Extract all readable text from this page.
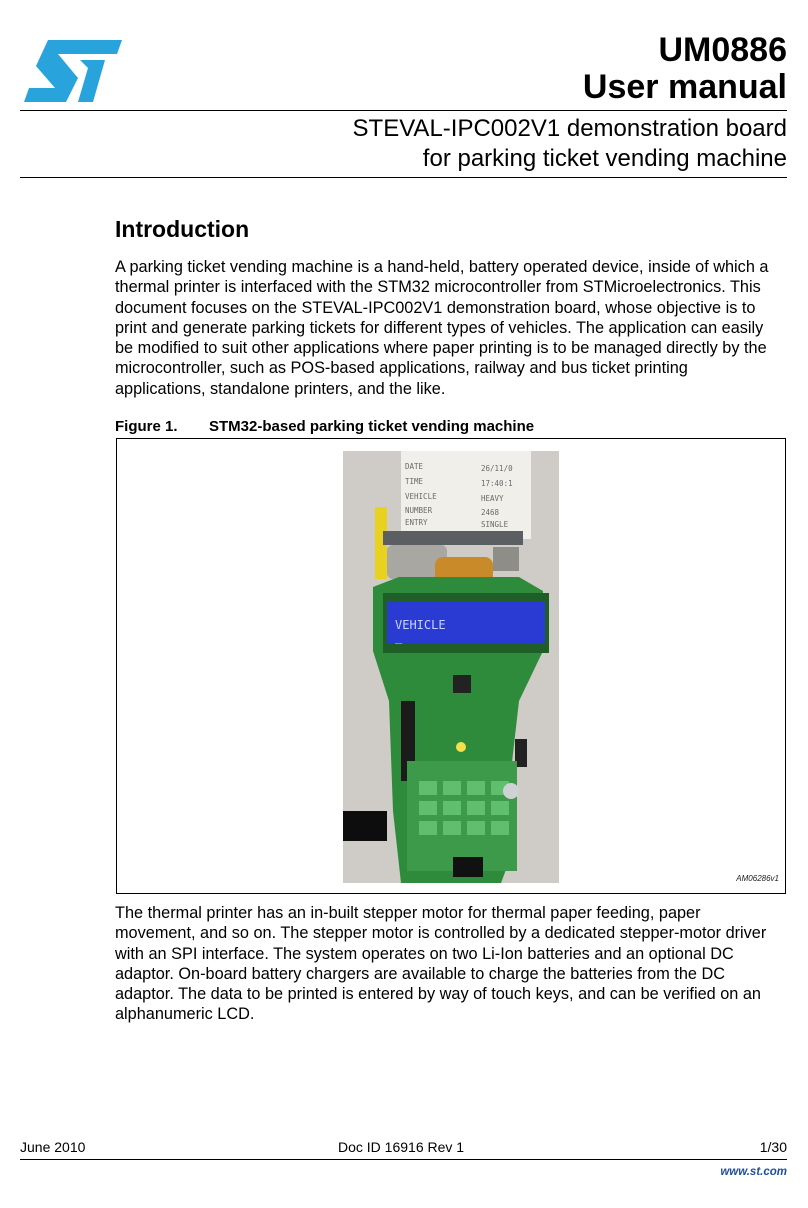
UM0886
User manual
STEVAL-IPC002V1 demonstration board
for parking ticket vending machine
Introduction
A parking ticket vending machine is a hand-held, battery operated device, inside of which a
thermal printer is interfaced with the STM32 microcontroller from STMicroelectronics. This
document focuses on the STEVAL-IPC002V1 demonstration board, whose objective is to
print and generate parking tickets for different types of vehicles. The application can easily
be modified to suit other applications where paper printing is to be managed directly by the
microcontroller, such as POS-based applications, railway and bus ticket printing
applications, standalone printers, and the like.
Figure 1. STM32-based parking ticket vending machine
DATE
TIME
VEHICLE
NUMBER
ENTRY
26/11/0
17:40:1
HEAVY
2468
SINGLE
VEHICLE
_
AM06286v1
The thermal printer has an in-built stepper motor for thermal paper feeding, paper
movement, and so on. The stepper motor is controlled by a dedicated stepper-motor driver
with an SPI interface. The system operates on two Li-Ion batteries and an optional DC
adaptor. On-board battery chargers are available to charge the batteries from the DC
adaptor. The data to be printed is entered by way of touch keys, and can be verified on an
alphanumeric LCD.
June 2010	Doc ID 16916 Rev 1	1/30
www.st.com
